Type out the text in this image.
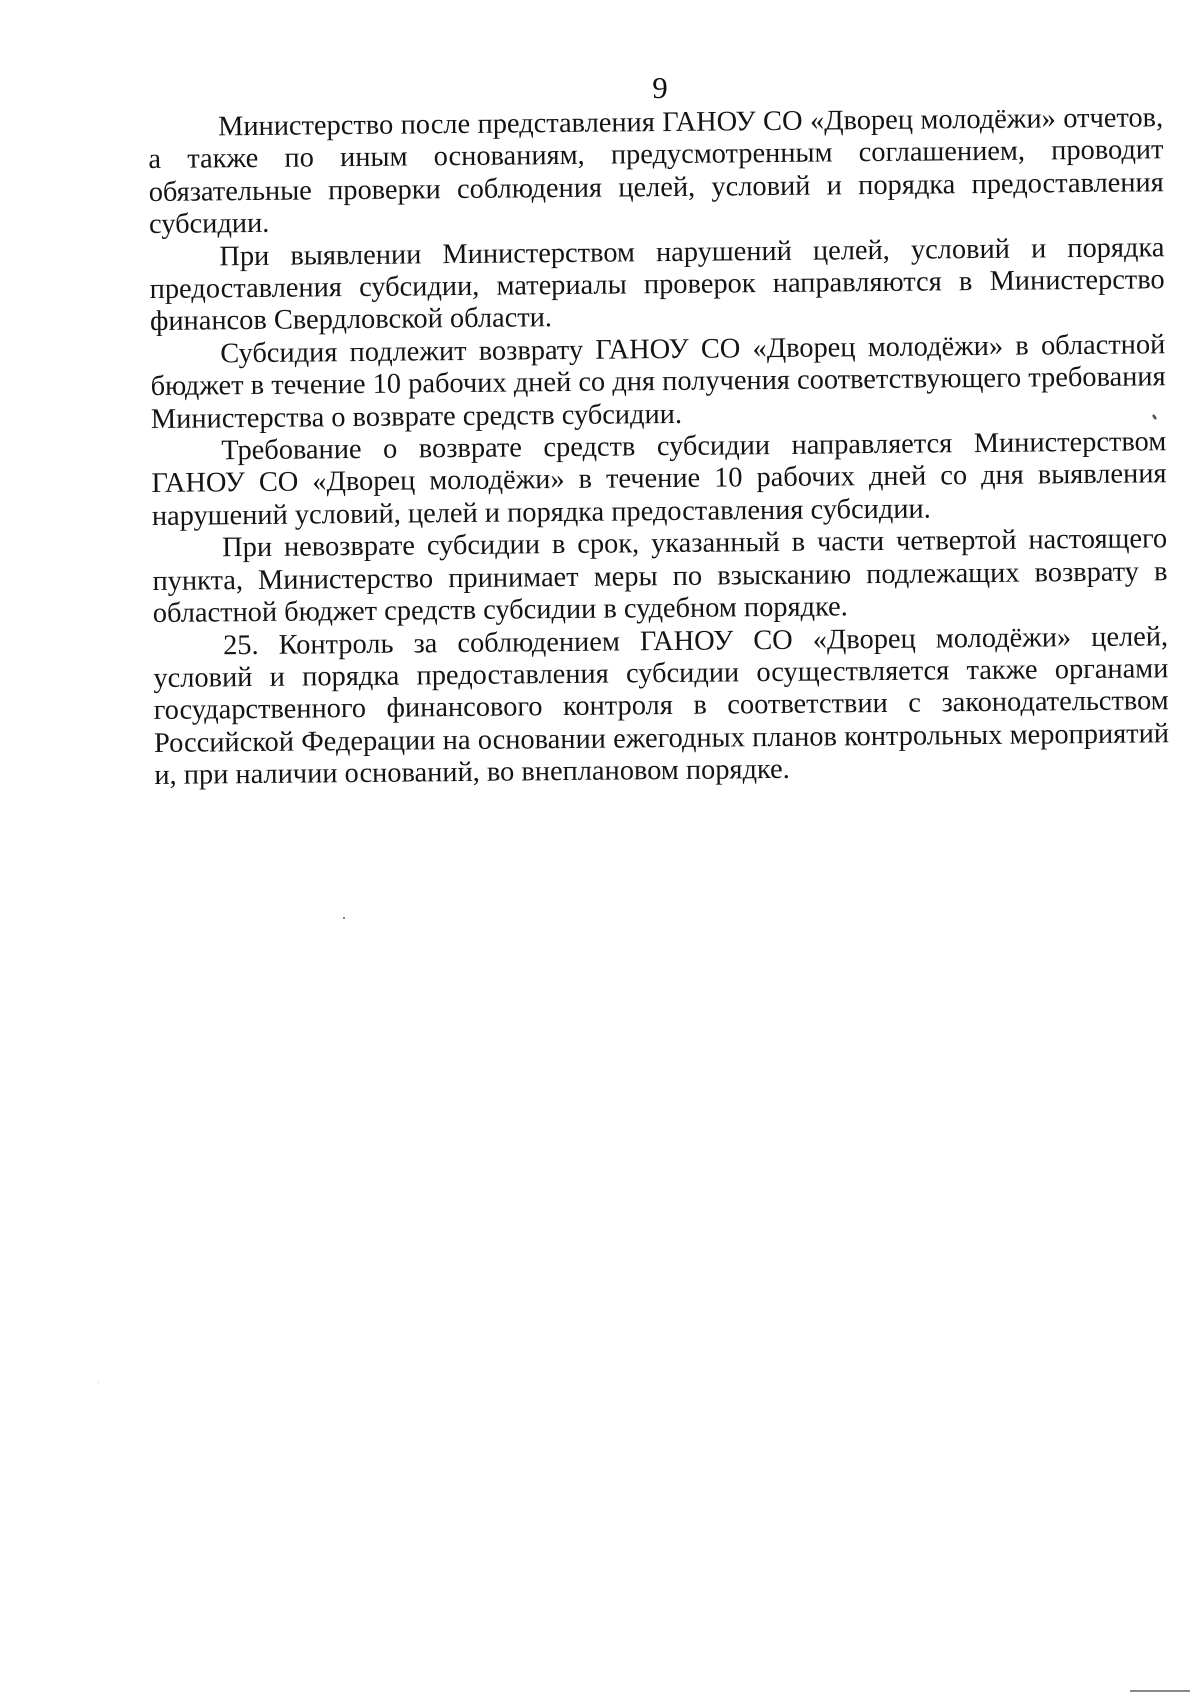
9

Министерство после представления ГАНОУ СО «Дворец молодёжи» отчетов, а также по иным основаниям, предусмотренным соглашением, проводит обязательные проверки соблюдения целей, условий и порядка предоставления субсидии.

При выявлении Министерством нарушений целей, условий и порядка предоставления субсидии, материалы проверок направляются в Министерство финансов Свердловской области.

Субсидия подлежит возврату ГАНОУ СО «Дворец молодёжи» в областной бюджет в течение 10 рабочих дней со дня получения соответствующего требования Министерства о возврате средств субсидии.

Требование о возврате средств субсидии направляется Министерством ГАНОУ СО «Дворец молодёжи» в течение 10 рабочих дней со дня выявления нарушений условий, целей и порядка предоставления субсидии.

При невозврате субсидии в срок, указанный в части четвертой настоящего пункта, Министерство принимает меры по взысканию подлежащих возврату в областной бюджет средств субсидии в судебном порядке.

25. Контроль за соблюдением ГАНОУ СО «Дворец молодёжи» целей, условий и порядка предоставления субсидии осуществляется также органами государственного финансового контроля в соответствии с законодательством Российской Федерации на основании ежегодных планов контрольных мероприятий и, при наличии оснований, во внеплановом порядке.
